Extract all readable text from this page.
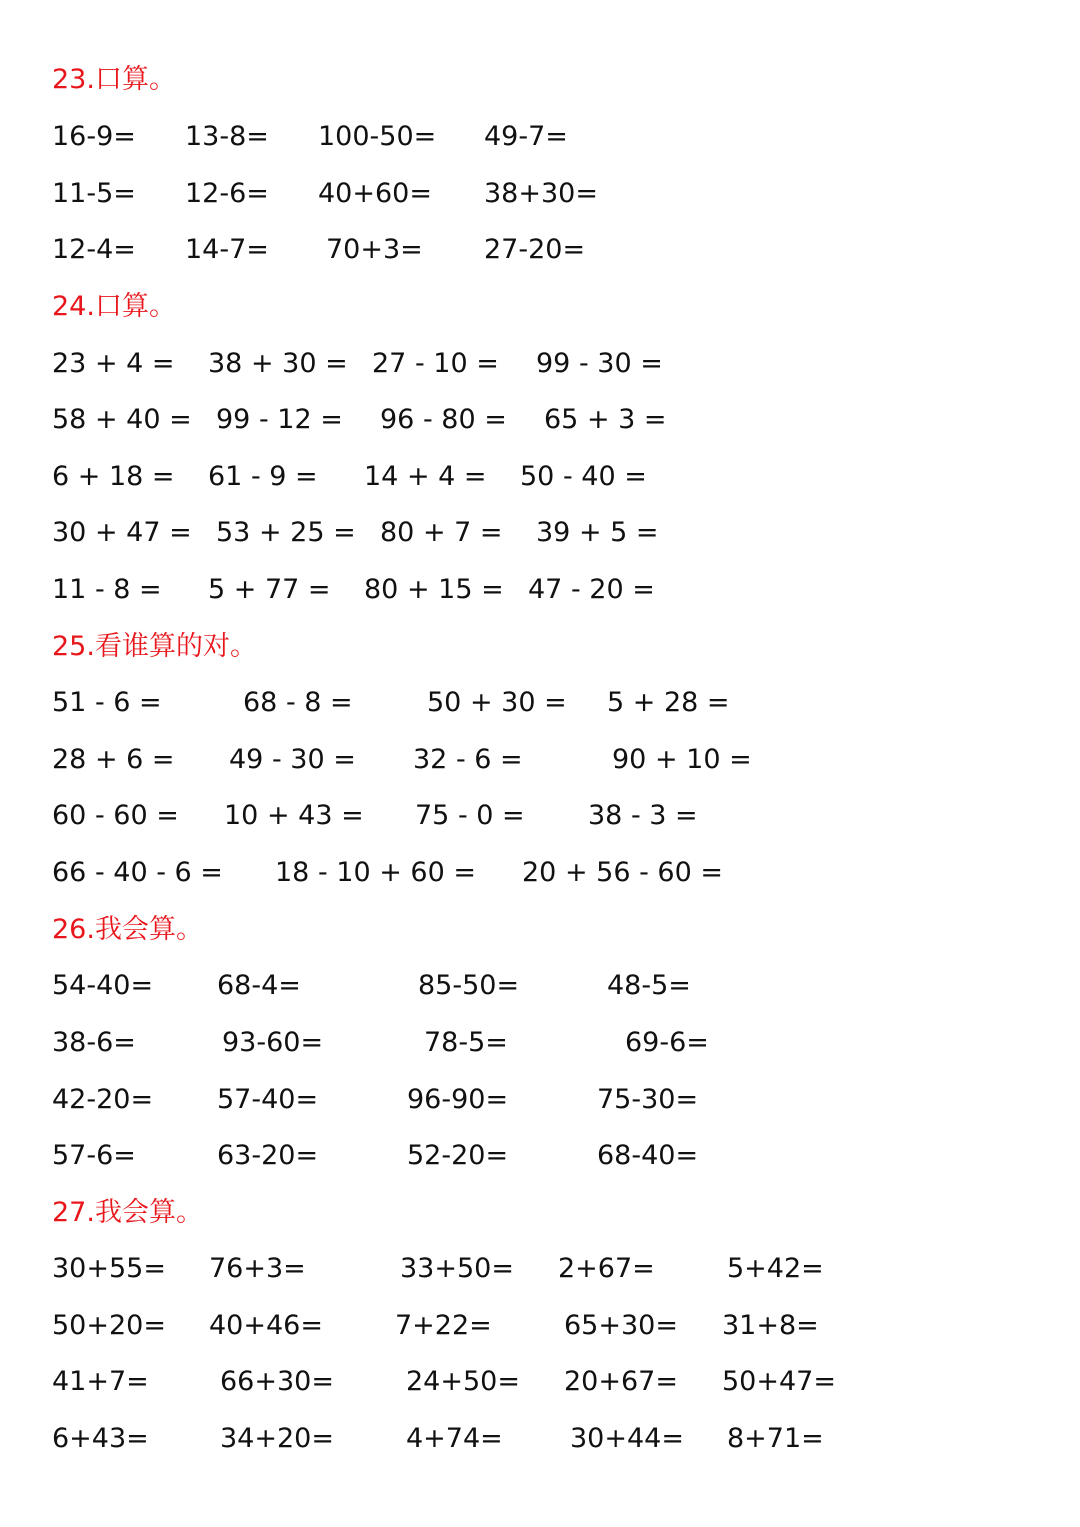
23.口算。
16-9= 13-8= 100-50= 49-7=
11-5= 12-6= 40+60= 38+30=
12-4= 14-7= 70+3= 27-20=
24.口算。
23 + 4 = 38 + 30 = 27 - 10 = 99 - 30 =
58 + 40 = 99 - 12 = 96 - 80 = 65 + 3 =
6 + 18 = 61 - 9 = 14 + 4 = 50 - 40 =
30 + 47 = 53 + 25 = 80 + 7 = 39 + 5 =
11 - 8 = 5 + 77 = 80 + 15 = 47 - 20 =
25.看谁算的对。
51 - 6 =	68 - 8 =	50 + 30 = 5 + 28 =
28 + 6 = 49 - 30 = 32 - 6 =	90 + 10 =
60 - 60 = 10 + 43 = 75 - 0 = 38 - 3 =
66 - 40 - 6 = 18 - 10 + 60 = 20 + 56 - 60 =
26.我会算。
54-40= 68-4=	85-50=	48-5=
38-6=	93-60=	78-5=	69-6=
42-20= 57-40=	96-90=	75-30=
57-6=	63-20=	52-20=	68-40=
27.我会算。
30+55= 76+3=	33+50= 2+67=	5+42=
50+20= 40+46=	7+22=	65+30= 31+8=
41+7=	66+30=	24+50= 20+67= 50+47=
6+43=	34+20=	4+74= 30+44= 8+71=
